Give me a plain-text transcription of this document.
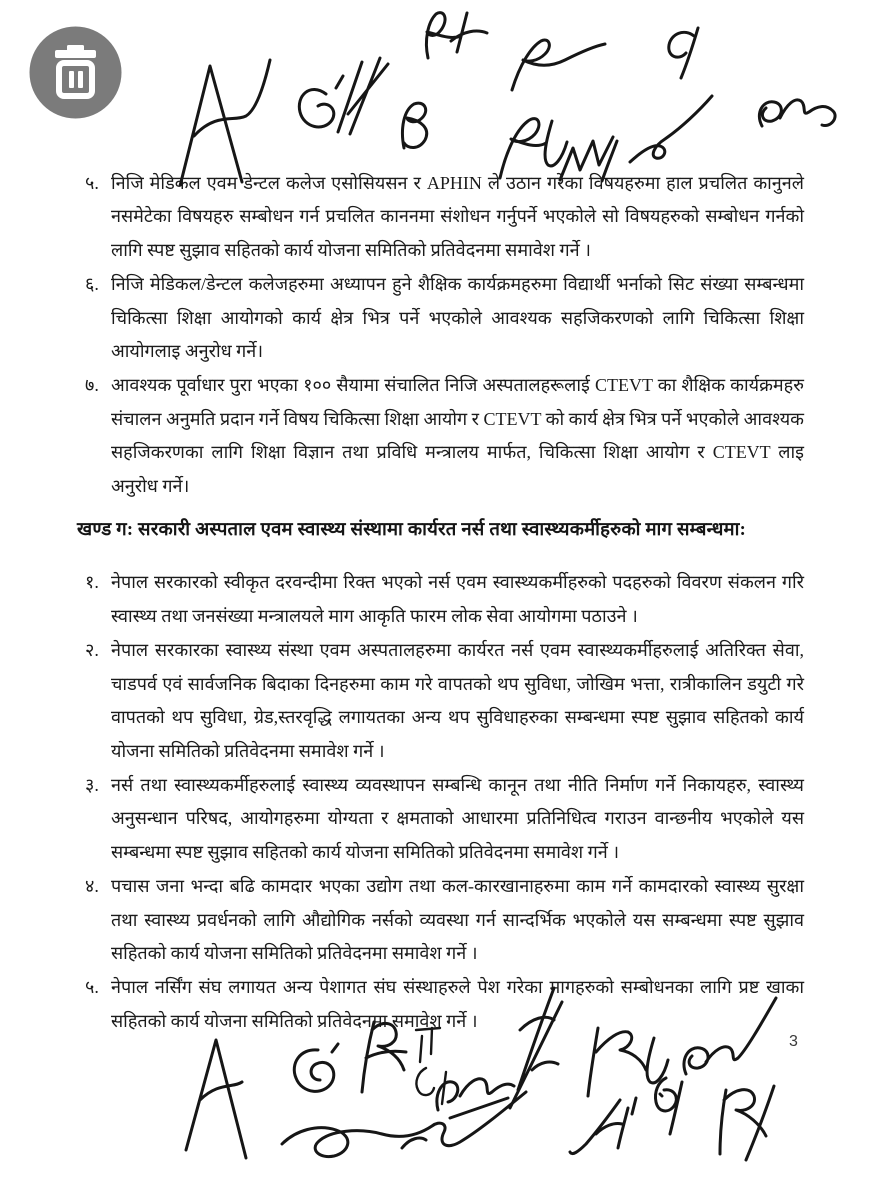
५. निजि मेडिकल एवम डेन्टल कलेज एसोसियसन र APHIN ले उठान गरेका विषयहरुमा हाल प्रचलित कानुनले नसमेटेका विषयहरु सम्बोधन गर्न प्रचलित काननमा संशोधन गर्नुपर्ने भएकोले सो विषयहरुको सम्बोधन गर्नको लागि स्पष्ट सुझाव सहितको कार्य योजना समितिको प्रतिवेदनमा समावेश गर्ने ।
६. निजि मेडिकल/डेन्टल कलेजहरुमा अध्यापन हुने शैक्षिक कार्यक्रमहरुमा विद्यार्थी भर्नाको सिट संख्या सम्बन्धमा चिकित्सा शिक्षा आयोगको कार्य क्षेत्र भित्र पर्ने भएकोले आवश्यक सहजिकरणको लागि चिकित्सा शिक्षा आयोगलाइ अनुरोध गर्ने।
७. आवश्यक पूर्वाधार पुरा भएका १०० सैयामा संचालित निजि अस्पतालहरूलाई CTEVT का शैक्षिक कार्यक्रमहरु संचालन अनुमति प्रदान गर्ने विषय चिकित्सा शिक्षा आयोग र CTEVT को कार्य क्षेत्र भित्र पर्ने भएकोले आवश्यक सहजिकरणका लागि शिक्षा विज्ञान तथा प्रविधि मन्त्रालय मार्फत, चिकित्सा शिक्षा आयोग र CTEVT लाइ अनुरोध गर्ने।
खण्ड ग: सरकारी अस्पताल एवम स्वास्थ्य संस्थामा कार्यरत नर्स तथा स्वास्थ्यकर्मीहरुको माग सम्बन्धमा:
१. नेपाल सरकारको स्वीकृत दरवन्दीमा रिक्त भएको नर्स एवम स्वास्थ्यकर्मीहरुको पदहरुको विवरण संकलन गरि स्वास्थ्य तथा जनसंख्या मन्त्रालयले माग आकृति फारम लोक सेवा आयोगमा पठाउने ।
२. नेपाल सरकारका स्वास्थ्य संस्था एवम अस्पतालहरुमा कार्यरत नर्स एवम स्वास्थ्यकर्मीहरुलाई अतिरिक्त सेवा, चाडपर्व एवं सार्वजनिक बिदाका दिनहरुमा काम गरे वापतको थप सुविधा, जोखिम भत्ता, रात्रीकालिन डयुटी गरे वापतको थप सुविधा, ग्रेड,स्तरवृद्धि लगायतका अन्य थप सुविधाहरुका सम्बन्धमा स्पष्ट सुझाव सहितको कार्य योजना समितिको प्रतिवेदनमा समावेश गर्ने ।
३. नर्स तथा स्वास्थ्यकर्मीहरुलाई स्वास्थ्य व्यवस्थापन सम्बन्धि कानून तथा नीति निर्माण गर्ने निकायहरु, स्वास्थ्य अनुसन्धान परिषद, आयोगहरुमा योग्यता र क्षमताको आधारमा प्रतिनिधित्व गराउन वान्छनीय भएकोले यस सम्बन्धमा स्पष्ट सुझाव सहितको कार्य योजना समितिको प्रतिवेदनमा समावेश गर्ने ।
४. पचास जना भन्दा बढि कामदार भएका उद्योग तथा कल-कारखानाहरुमा काम गर्ने कामदारको स्वास्थ्य सुरक्षा तथा स्वास्थ्य प्रवर्धनको लागि औद्योगिक नर्सको व्यवस्था गर्न सान्दर्भिक भएकोले यस सम्बन्धमा स्पष्ट सुझाव सहितको कार्य योजना समितिको प्रतिवेदनमा समावेश गर्ने ।
५. नेपाल नर्सिंग संघ लगायत अन्य पेशागत संघ संस्थाहरुले पेश गरेका मागहरुको सम्बोधनका लागि प्रष्ट खाका सहितको कार्य योजना समितिको प्रतिवेदनमा समावेश गर्ने ।
3
